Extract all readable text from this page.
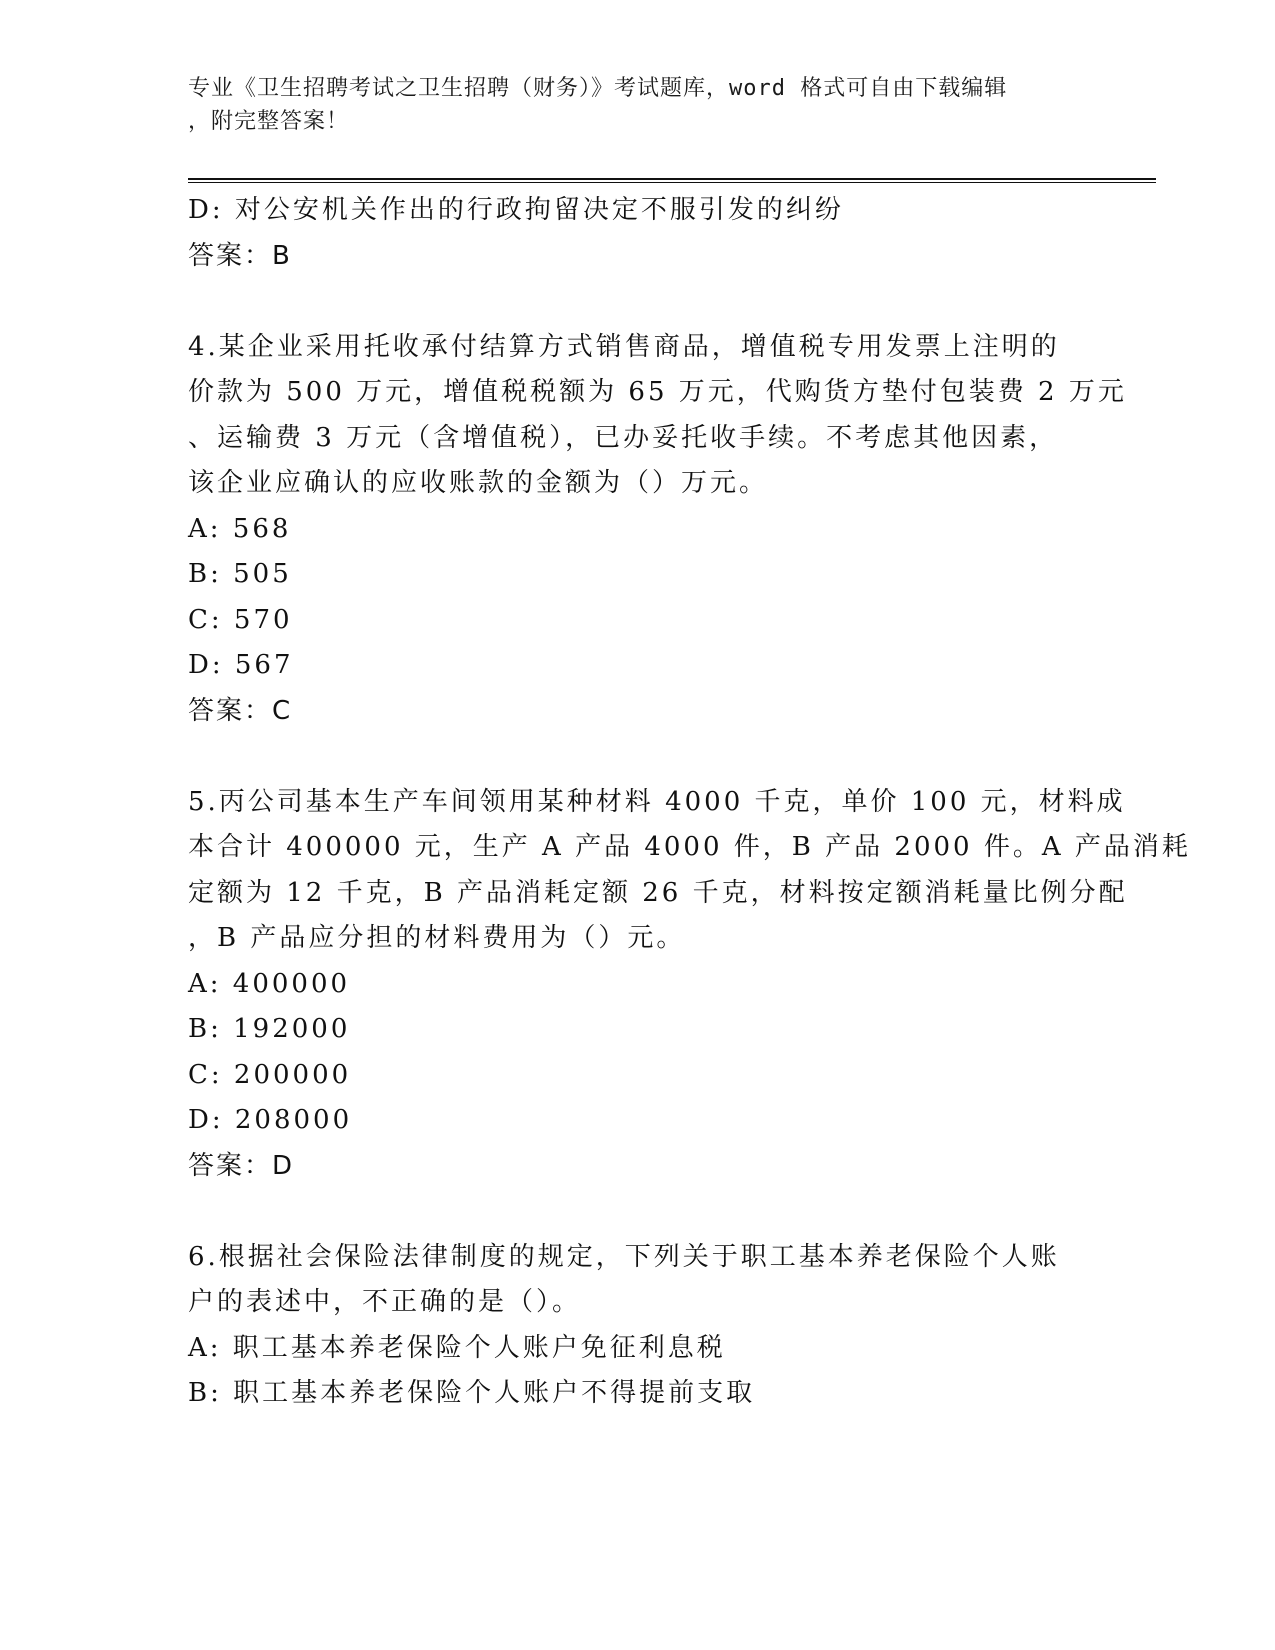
专业《卫生招聘考试之卫生招聘（财务）》考试题库，word 格式可自由下载编辑
，附完整答案！
D: 对公安机关作出的行政拘留决定不服引发的纠纷
答案：B
4.某企业采用托收承付结算方式销售商品，增值税专用发票上注明的
价款为 500 万元，增值税税额为 65 万元，代购货方垫付包装费 2 万元
、运输费 3 万元（含增值税），已办妥托收手续。不考虑其他因素，
该企业应确认的应收账款的金额为（）万元。
A: 568
B: 505
C: 570
D: 567
答案：C
5.丙公司基本生产车间领用某种材料 4000 千克，单价 100 元，材料成
本合计 400000 元，生产 A 产品 4000 件，B 产品 2000 件。A 产品消耗
定额为 12 千克，B 产品消耗定额 26 千克，材料按定额消耗量比例分配
，B 产品应分担的材料费用为（）元。
A: 400000
B: 192000
C: 200000
D: 208000
答案：D
6.根据社会保险法律制度的规定，下列关于职工基本养老保险个人账
户的表述中，不正确的是（）。
A: 职工基本养老保险个人账户免征利息税
B: 职工基本养老保险个人账户不得提前支取
